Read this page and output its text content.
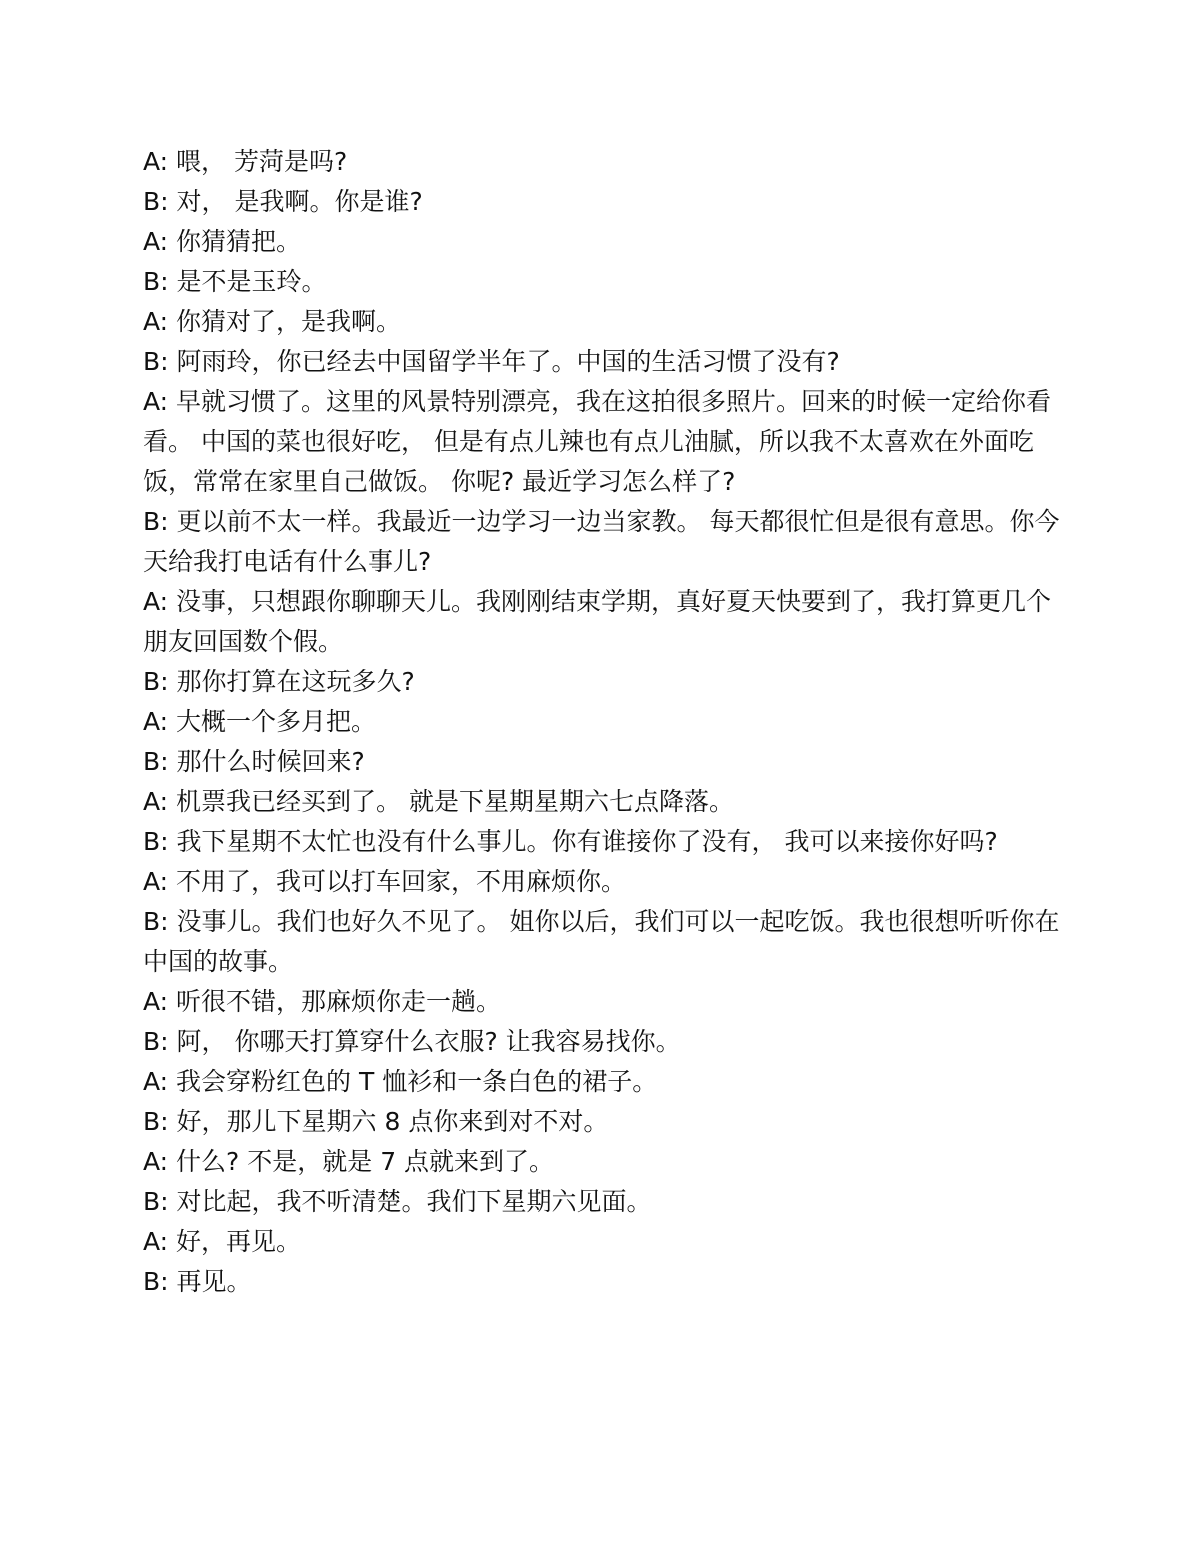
A: 喂， 芳菏是吗?
B: 对， 是我啊。你是谁?
A: 你猜猜把。
B: 是不是玉玲。
A: 你猜对了，是我啊。
B: 阿雨玲，你已经去中国留学半年了。中国的生活习惯了没有?
A: 早就习惯了。这里的风景特别漂亮，我在这拍很多照片。回来的时候一定给你看看。 中国的菜也很好吃， 但是有点儿辣也有点儿油腻，所以我不太喜欢在外面吃饭，常常在家里自己做饭。 你呢? 最近学习怎么样了?
B: 更以前不太一样。我最近一边学习一边当家教。 每天都很忙但是很有意思。你今天给我打电话有什么事儿?
A: 没事，只想跟你聊聊天儿。我刚刚结束学期，真好夏天快要到了，我打算更几个朋友回国数个假。
B: 那你打算在这玩多久?
A: 大概一个多月把。
B: 那什么时候回来?
A: 机票我已经买到了。 就是下星期星期六七点降落。
B: 我下星期不太忙也没有什么事儿。你有谁接你了没有， 我可以来接你好吗?
A: 不用了，我可以打车回家，不用麻烦你。
B: 没事儿。我们也好久不见了。 姐你以后，我们可以一起吃饭。我也很想听听你在中国的故事。
A: 听很不错，那麻烦你走一趟。
B: 阿， 你哪天打算穿什么衣服? 让我容易找你。
A: 我会穿粉红色的 T 恤衫和一条白色的裙子。
B: 好，那儿下星期六 8 点你来到对不对。
A: 什么? 不是，就是 7 点就来到了。
B: 对比起，我不听清楚。我们下星期六见面。
A: 好，再见。
B: 再见。
